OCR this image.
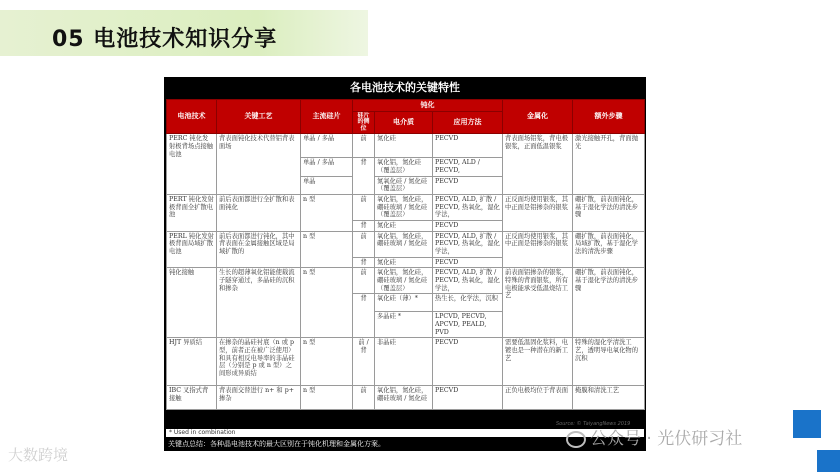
05 电池技术知识分享
各电池技术的关键特性
电池技术	关键工艺	主流硅片	钝化			金属化	额外步骤
			硅片的侧位	电介质	应用方法		
PERC 钝化发射极背场点接触电池	背表面钝化技术代替铝背表面场	单晶 / 多晶	前	氮化硅	PECVD	背表面场铝浆，背电极银浆，正面低温银浆	激光接触开孔，背面抛光
		单晶 / 多晶	背	氧化铝，氮化硅（覆盖层）	PECVD, ALD / PECVD,		
		单晶		氮氧化硅 / 氮化硅（覆盖层）	PECVD		
PERT 钝化发射极背面全扩散电池	前后表面都进行全扩散和表面钝化	n 型	前	氧化铝，氮化硅，硼硅玻璃 / 氮化硅（覆盖层）	PECVD, ALD, 扩散 / PECVD, 热氧化，湿化学法，	正反面均使用银浆，其中正面是铝掺杂的银浆	硼扩散，前表面钝化，基于湿化学法的清洗步骤
			背	氮化硅	PECVD		
PERL 钝化发射极背面局域扩散电池	前后表面都进行钝化，其中背表面在金属接触区域是局域扩散的	n 型	前	氧化铝，氮化硅，硼硅玻璃 / 氮化硅	PECVD, ALD, 扩散 / PECVD, 热氧化，湿化学法，	正反面均使用银浆，其中正面是铝掺杂的银浆	硼扩散，前表面钝化，局域扩散，基于湿化学法的清洗步骤
			背	氮化硅	PECVD		
钝化接触	生长的超薄氧化铝能使载流子隧穿通过，多晶硅的沉积和掺杂	n 型	前	氧化铝，氮化硅，硼硅玻璃 / 氮化硅（覆盖层）	PECVD, ALD, 扩散 / PECVD, 热氧化，湿化学法，	前表面铝掺杂的银浆，特殊的背面银浆，所有电极能承受低温烧结工艺	硼扩散，前表面钝化，基于湿化学法的清洗步骤
			背	氧化硅（薄）*	热生长，化学法，沉积		
				多晶硅 *	LPCVD, PECVD, APCVD, PEALD, PVD		
HJT 异质结	在掺杂的晶硅衬底（n 或 p 型，前者正在被广泛使用）和具有相反电导率的非晶硅层（分别是 p 或 n 型）之间形成异质结	n 型	前 / 背	非晶硅	PECVD	需要低温固化浆料，电镀也是一种潜在的新工艺	特殊的湿化学清洗工艺，透明导电氧化物的沉积
IBC 叉指式背接触	背表面交替进行 n+ 和 p+ 掺杂	n 型	前	氧化铝，氮化硅，硼硅玻璃 / 氮化硅	PECVD	正负电极均位于背表面	掩膜和清洗工艺
Source: © TaiyangNews 2019
* Used in combination
关键点总结：各种晶电池技术的最大区别在于钝化机理和金属化方案。	公众号 · 光伏研习社
大数跨境
